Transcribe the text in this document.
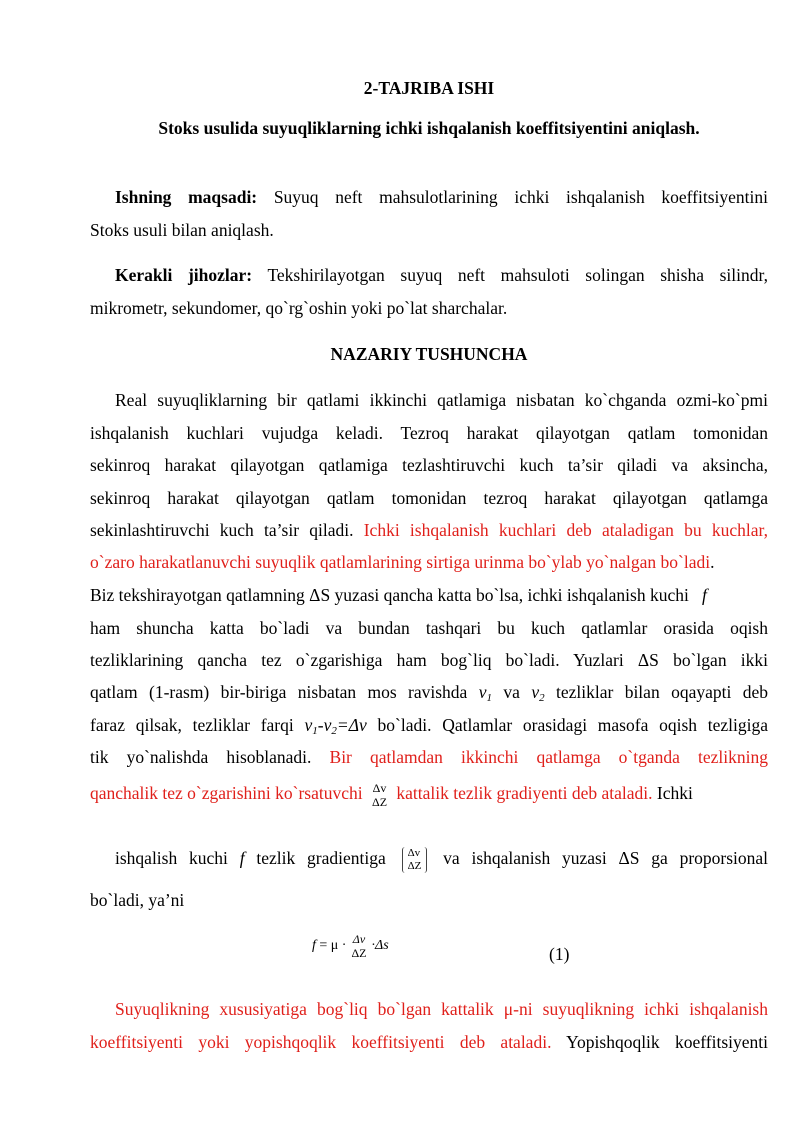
2-TAJRIBA ISHI
Stoks usulida suyuqliklarning ichki ishqalanish koeffitsiyentini aniqlash.
Ishning maqsadi: Suyuq neft mahsulotlarining ichki ishqalanish koeffitsiyentini
Stoks usuli bilan aniqlash.
Kerakli jihozlar: Tekshirilayotgan suyuq neft mahsuloti solingan shisha silindr,
mikrometr, sekundomer, qo`rg`oshin yoki po`lat sharchalar.
NAZARIY TUSHUNCHA
Real suyuqliklarning bir qatlami ikkinchi qatlamiga nisbatan ko`chganda ozmi-ko`pmi
ishqalanish kuchlari vujudga keladi. Tezroq harakat qilayotgan qatlam tomonidan
sekinroq harakat qilayotgan qatlamiga tezlashtiruvchi kuch ta’sir qiladi va aksincha,
sekinroq harakat qilayotgan qatlam tomonidan tezroq harakat qilayotgan qatlamga
sekinlashtiruvchi kuch ta’sir qiladi. Ichki ishqalanish kuchlari deb ataladigan bu kuchlar,
o`zaro harakatlanuvchi suyuqlik qatlamlarining sirtiga urinma bo`ylab yo`nalgan bo`ladi.
Biz tekshirayotgan qatlamning ΔS yuzasi qancha katta bo`lsa, ichki ishqalanish kuchi f
ham shuncha katta bo`ladi va bundan tashqari bu kuch qatlamlar orasida oqish
tezliklarining qancha tez o`zgarishiga ham bog`liq bo`ladi. Yuzlari ΔS bo`lgan ikki
qatlam (1-rasm) bir-biriga nisbatan mos ravishda $v_1$ va $v_2$ tezliklar bilan oqayapti deb
faraz qilsak, tezliklar farqi $v_1-v_2=\Delta v$ bo`ladi. Qatlamlar orasidagi masofa oqish tezligiga
tik yo`nalishda hisoblanadi. Bir qatlamdan ikkinchi qatlamga o`tganda tezlikning
qanchalik tez o`zgarishini ko`rsatuvchi Δv
ΔZ kattalik tezlik gradiyenti deb ataladi. Ichki
ishqalish kuchi f tezlik gradientiga Δv
ΔZ va ishqalanish yuzasi ΔS ga proporsional
bo`ladi, ya’ni
f = μ · Δv
ΔZ ·Δs	(1)
Suyuqlikning xususiyatiga bog`liq bo`lgan kattalik μ-ni suyuqlikning ichki ishqalanish
koeffitsiyenti yoki yopishqoqlik koeffitsiyenti deb ataladi. Yopishqoqlik koeffitsiyenti
